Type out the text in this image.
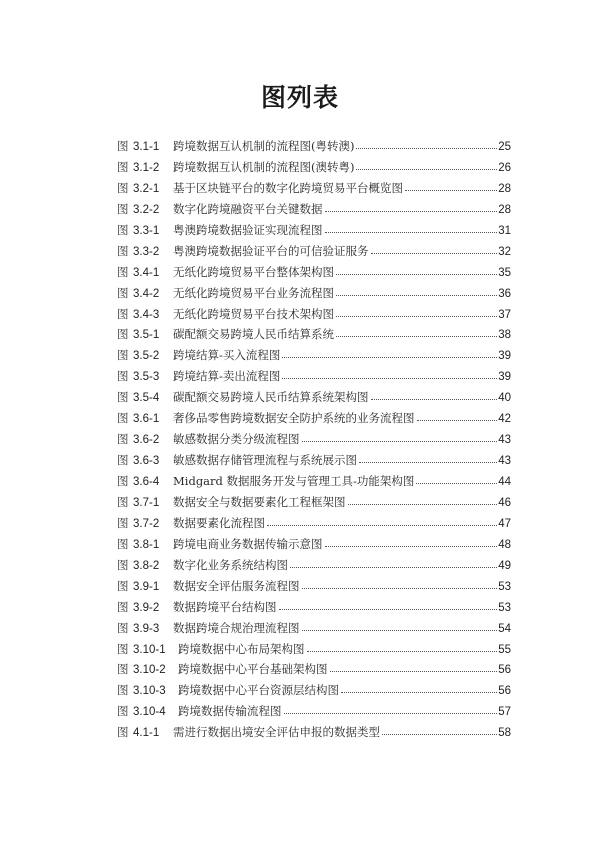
图列表
图 3.1-1	跨境数据互认机制的流程图(粤转澳)	25
图 3.1-2	跨境数据互认机制的流程图(澳转粤)	26
图 3.2-1	基于区块链平台的数字化跨境贸易平台概览图	28
图 3.2-2	数字化跨境融资平台关键数据	28
图 3.3-1	粤澳跨境数据验证实现流程图	31
图 3.3-2	粤澳跨境数据验证平台的可信验证服务	32
图 3.4-1	无纸化跨境贸易平台整体架构图	35
图 3.4-2	无纸化跨境贸易平台业务流程图	36
图 3.4-3	无纸化跨境贸易平台技术架构图	37
图 3.5-1	碳配额交易跨境人民币结算系统	38
图 3.5-2	跨境结算-买入流程图	39
图 3.5-3	跨境结算-卖出流程图	39
图 3.5-4	碳配额交易跨境人民币结算系统架构图	40
图 3.6-1	奢侈品零售跨境数据安全防护系统的业务流程图	42
图 3.6-2	敏感数据分类分级流程图	43
图 3.6-3	敏感数据存储管理流程与系统展示图	43
图 3.6-4	Midgard 数据服务开发与管理工具-功能架构图	44
图 3.7-1	数据安全与数据要素化工程框架图	46
图 3.7-2	数据要素化流程图	47
图 3.8-1	跨境电商业务数据传输示意图	48
图 3.8-2	数字化业务系统结构图	49
图 3.9-1	数据安全评估服务流程图	53
图 3.9-2	数据跨境平台结构图	53
图 3.9-3	数据跨境合规治理流程图	54
图 3.10-1	跨境数据中心布局架构图	55
图 3.10-2	跨境数据中心平台基础架构图	56
图 3.10-3	跨境数据中心平台资源层结构图	56
图 3.10-4	跨境数据传输流程图	57
图 4.1-1	需进行数据出境安全评估申报的数据类型	58
